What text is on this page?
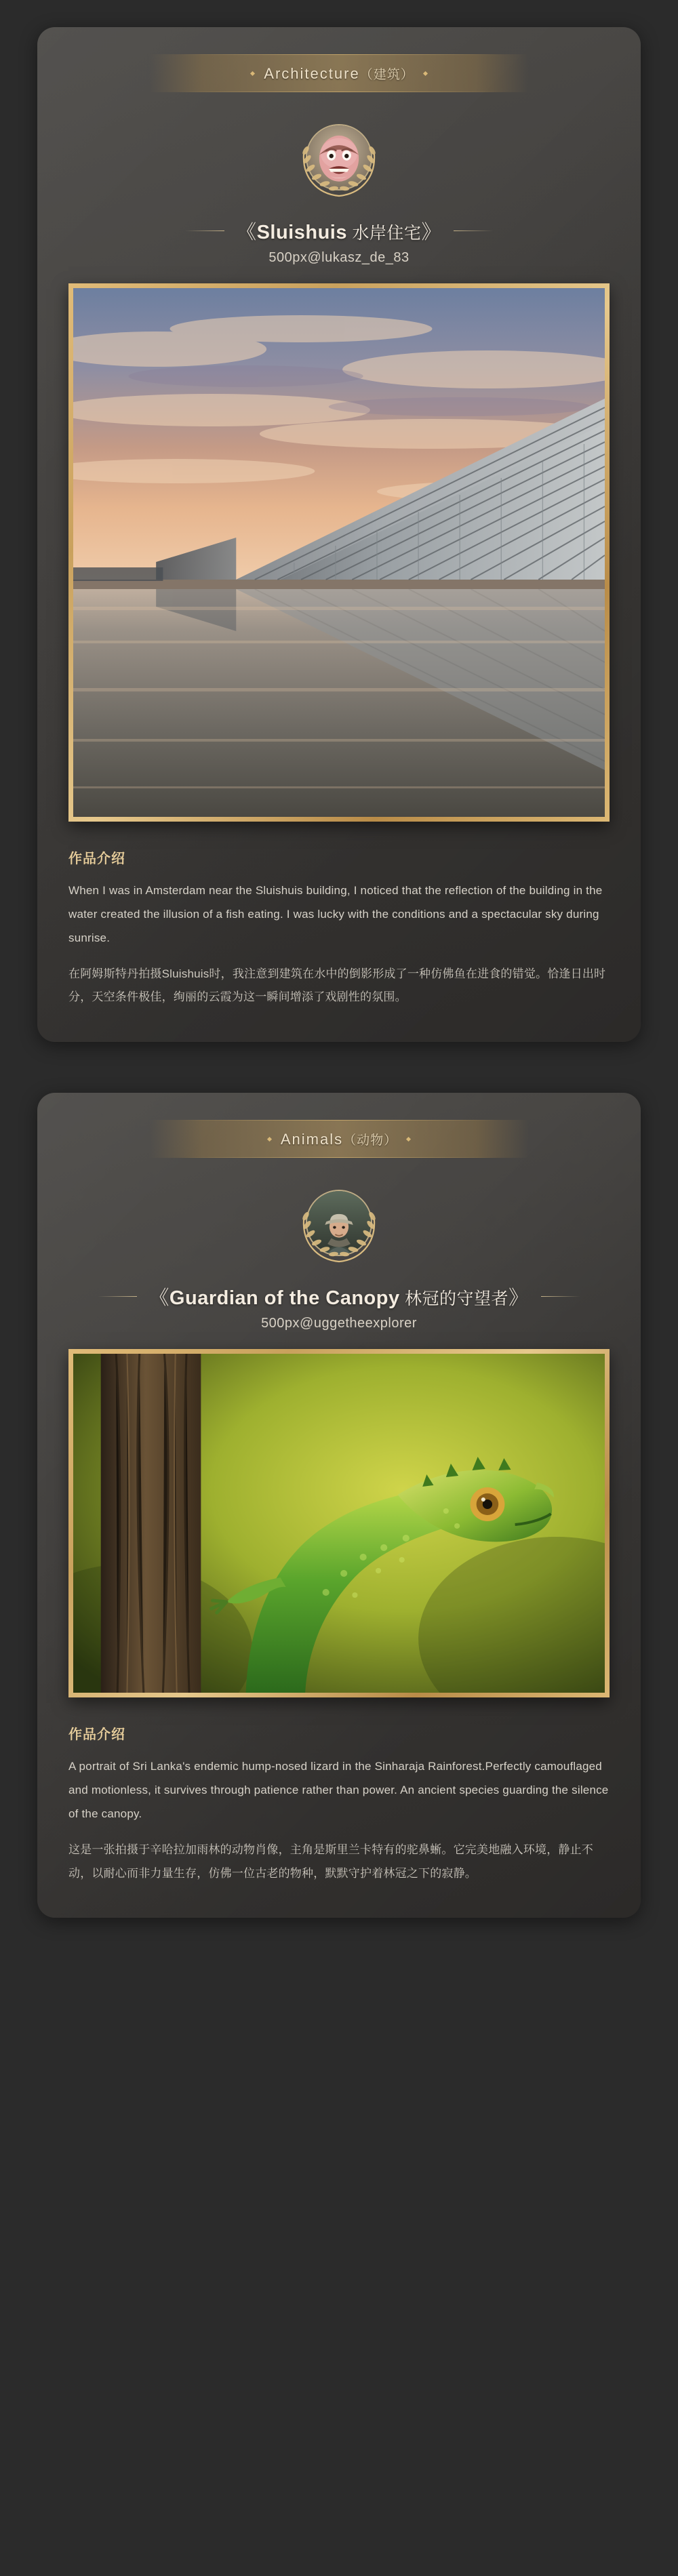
Architecture（建筑）
《Sluishuis 水岸住宅》
500px@lukasz_de_83
作品介绍

When I was in Amsterdam near the Sluishuis building, I noticed that the reflection of the building in the water created the illusion of a fish eating. I was lucky with the conditions and a spectacular sky during sunrise.

在阿姆斯特丹拍摄Sluishuis时，我注意到建筑在水中的倒影形成了一种仿佛鱼在进食的错觉。恰逢日出时分，天空条件极佳，绚丽的云霞为这一瞬间增添了戏剧性的氛围。

Animals（动物）
《Guardian of the Canopy 林冠的守望者》
500px@uggetheexplorer
作品介绍

A portrait of Sri Lanka's endemic hump-nosed lizard in the Sinharaja Rainforest.Perfectly camouflaged and motionless, it survives through patience rather than power. An ancient species guarding the silence of the canopy.

这是一张拍摄于辛哈拉加雨林的动物肖像，主角是斯里兰卡特有的驼鼻蜥。它完美地融入环境，静止不动，以耐心而非力量生存，仿佛一位古老的物种，默默守护着林冠之下的寂静。
